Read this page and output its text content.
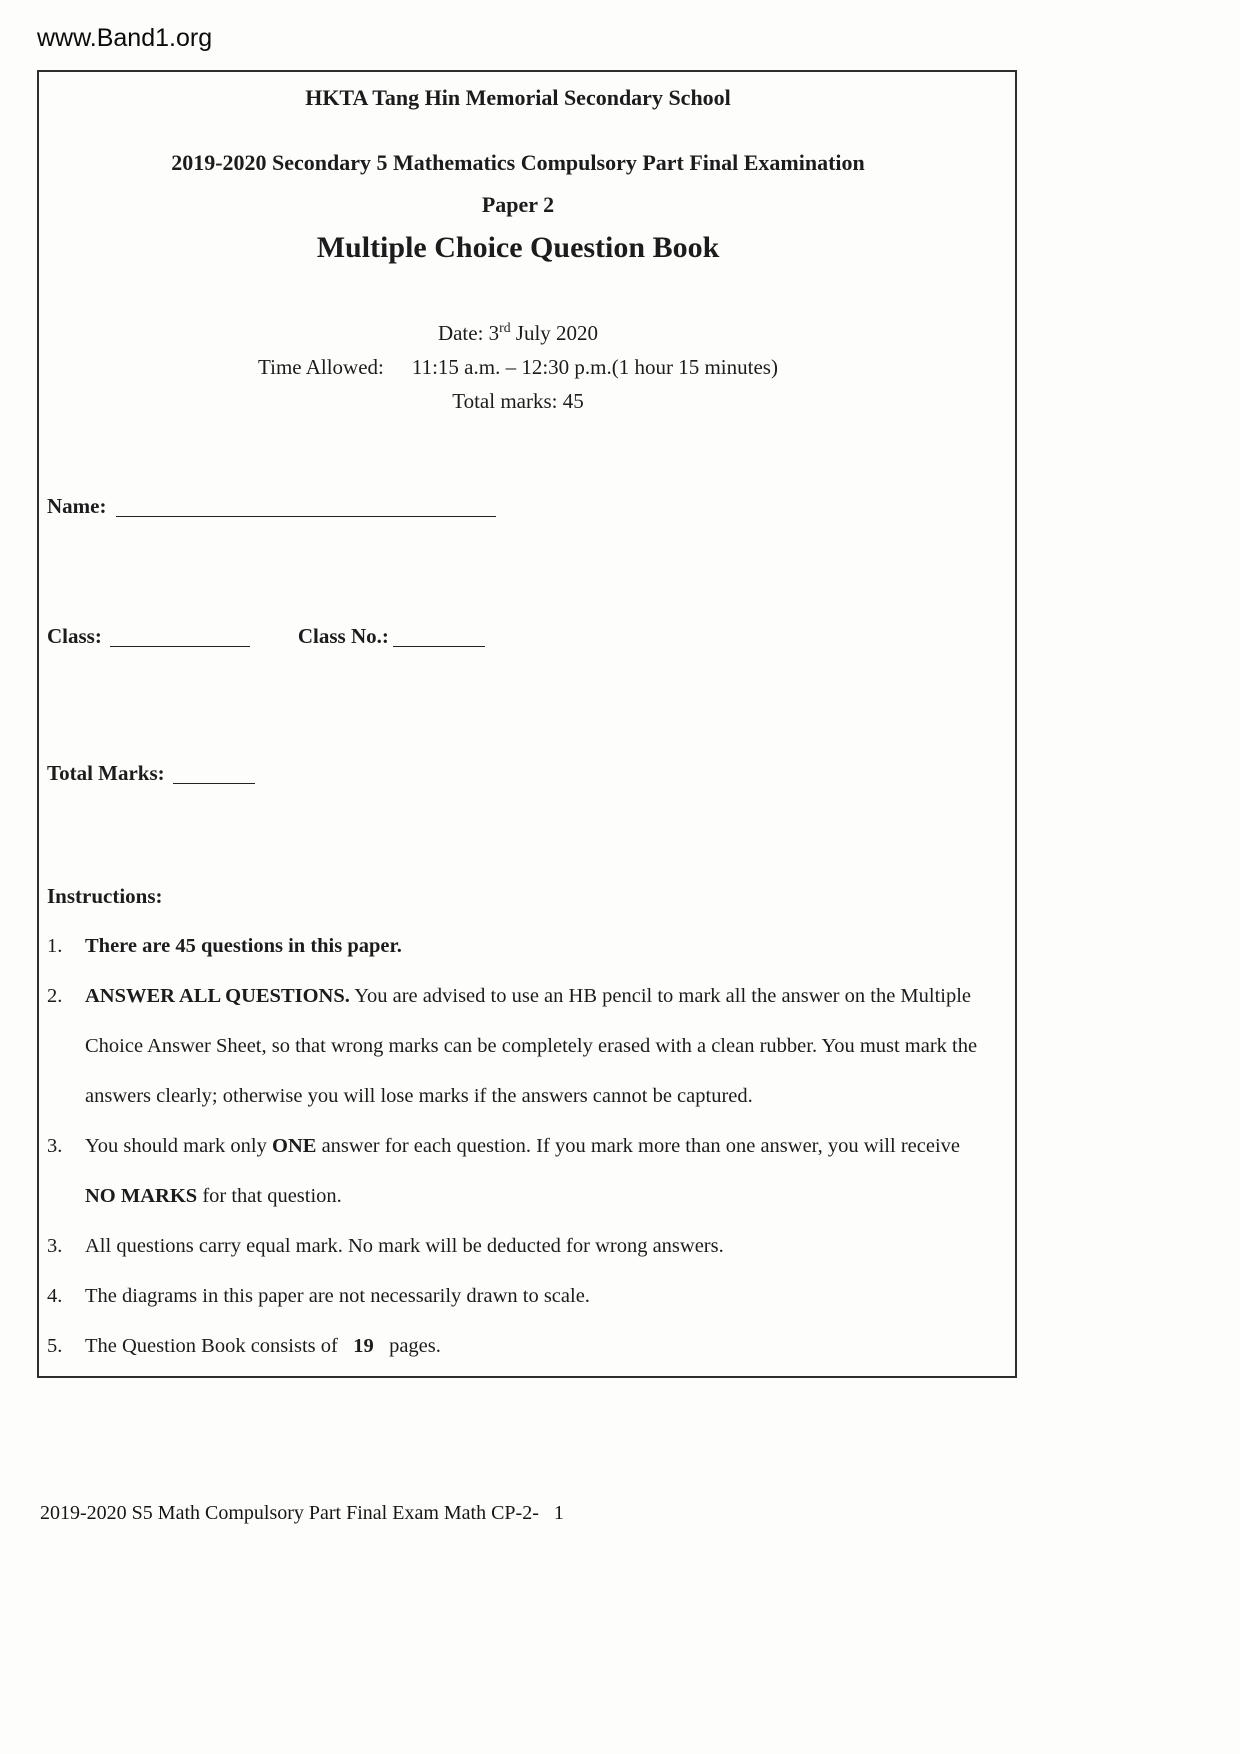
www.Band1.org
HKTA Tang Hin Memorial Secondary School
2019-2020 Secondary 5 Mathematics Compulsory Part Final Examination
Paper 2
Multiple Choice Question Book
Date: 3rd July 2020
Time Allowed: 11:15 a.m. – 12:30 p.m.(1 hour 15 minutes)
Total marks: 45
Name:
Class:	Class No.:
Total Marks:
Instructions:
1.	There are 45 questions in this paper.
2.	ANSWER ALL QUESTIONS. You are advised to use an HB pencil to mark all the answer on the Multiple Choice Answer Sheet, so that wrong marks can be completely erased with a clean rubber. You must mark the answers clearly; otherwise you will lose marks if the answers cannot be captured.
3.	You should mark only ONE answer for each question. If you mark more than one answer, you will receive NO MARKS for that question.
3.	All questions carry equal mark. No mark will be deducted for wrong answers.
4.	The diagrams in this paper are not necessarily drawn to scale.
5.	The Question Book consists of   19   pages.
2019-2020 S5 Math Compulsory Part Final Exam Math CP-2-   1
